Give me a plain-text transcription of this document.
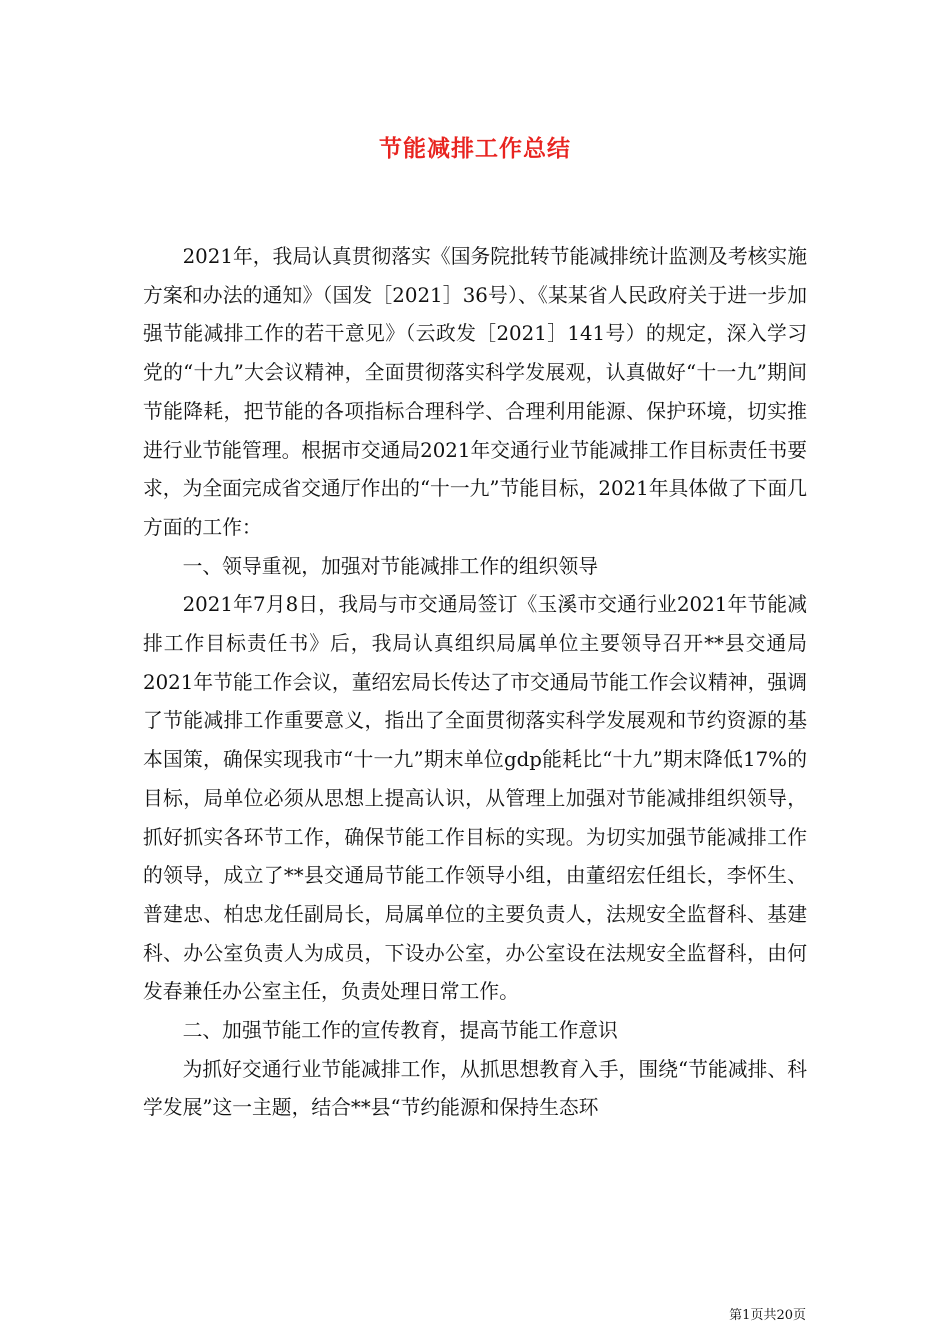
节能减排工作总结

2021年，我局认真贯彻落实《国务院批转节能减排统计监测及考核实施方案和办法的通知》（国发［2021］36号）、《某某省人民政府关于进一步加强节能减排工作的若干意见》（云政发［2021］141号）的规定，深入学习党的“十九”大会议精神，全面贯彻落实科学发展观，认真做好“十一九”期间节能降耗，把节能的各项指标合理科学、合理利用能源、保护环境，切实推进行业节能管理。根据市交通局2021年交通行业节能减排工作目标责任书要求，为全面完成省交通厅作出的“十一九”节能目标，2021年具体做了下面几方面的工作：

一、领导重视，加强对节能减排工作的组织领导

2021年7月8日，我局与市交通局签订《玉溪市交通行业2021年节能减排工作目标责任书》后，我局认真组织局属单位主要领导召开**县交通局2021年节能工作会议，董绍宏局长传达了市交通局节能工作会议精神，强调了节能减排工作重要意义，指出了全面贯彻落实科学发展观和节约资源的基本国策，确保实现我市“十一九”期末单位gdp能耗比“十九”期末降低17%的目标，局单位必须从思想上提高认识，从管理上加强对节能减排组织领导，抓好抓实各环节工作，确保节能工作目标的实现。为切实加强节能减排工作的领导，成立了**县交通局节能工作领导小组，由董绍宏任组长，李怀生、普建忠、柏忠龙任副局长，局属单位的主要负责人，法规安全监督科、基建科、办公室负责人为成员，下设办公室，办公室设在法规安全监督科，由何发春兼任办公室主任，负责处理日常工作。

二、加强节能工作的宣传教育，提高节能工作意识

为抓好交通行业节能减排工作，从抓思想教育入手，围绕“节能减排、科学发展”这一主题，结合**县“节约能源和保持生态环

第1页共20页
